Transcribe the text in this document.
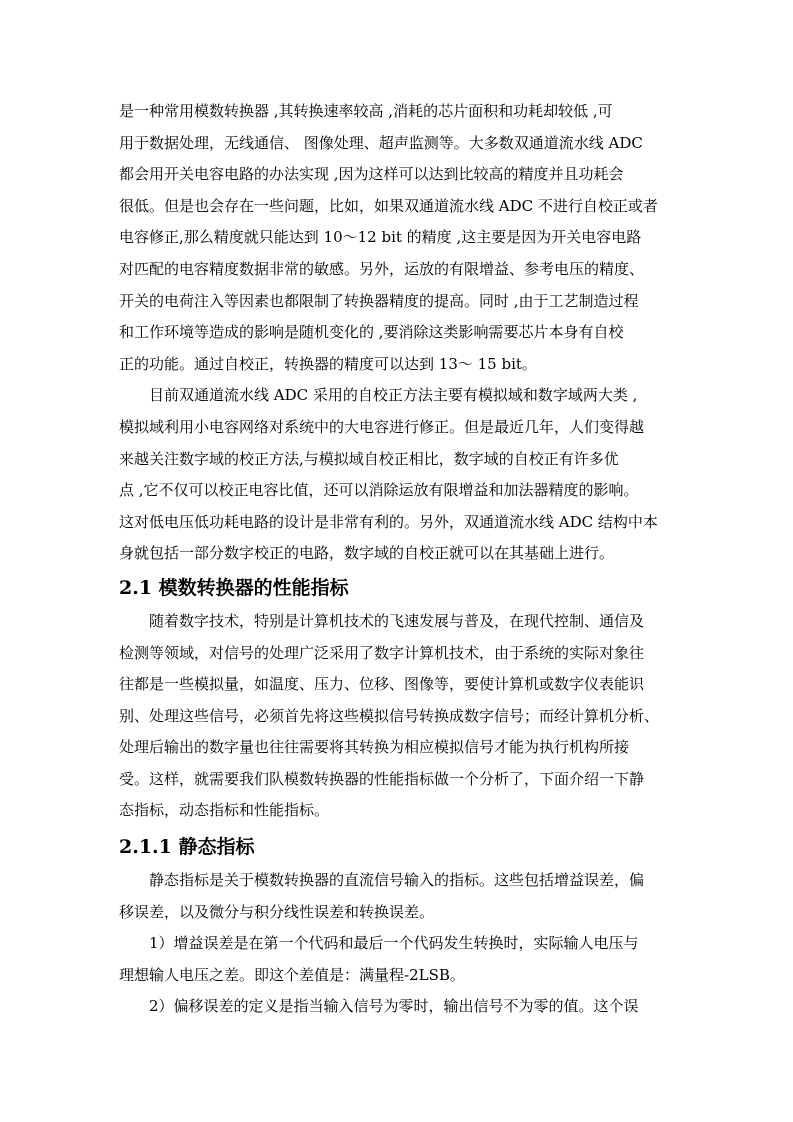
是一种常用模数转换器 ,其转换速率较高 ,消耗的芯片面积和功耗却较低 ,可
用于数据处理，无线通信、 图像处理、超声监测等。大多数双通道流水线 ADC
都会用开关电容电路的办法实现 ,因为这样可以达到比较高的精度并且功耗会
很低。但是也会存在一些问题，比如，如果双通道流水线 ADC 不进行自校正或者
电容修正,那么精度就只能达到 10～12 bit 的精度 ,这主要是因为开关电容电路
对匹配的电容精度数据非常的敏感。另外，运放的有限增益、参考电压的精度、
开关的电荷注入等因素也都限制了转换器精度的提高。同时 ,由于工艺制造过程
和工作环境等造成的影响是随机变化的 ,要消除这类影响需要芯片本身有自校
正的功能。通过自校正，转换器的精度可以达到 13～ 15 bit。
目前双通道流水线 ADC 采用的自校正方法主要有模拟域和数字域两大类 ,
模拟域利用小电容网络对系统中的大电容进行修正。但是最近几年，人们变得越
来越关注数字域的校正方法,与模拟域自校正相比，数字域的自校正有许多优
点 ,它不仅可以校正电容比值，还可以消除运放有限增益和加法器精度的影响。
这对低电压低功耗电路的设计是非常有利的。另外，双通道流水线 ADC 结构中本
身就包括一部分数字校正的电路，数字域的自校正就可以在其基础上进行。
2.1 模数转换器的性能指标
随着数字技术，特别是计算机技术的飞速发展与普及，在现代控制、通信及
检测等领域，对信号的处理广泛采用了数字计算机技术，由于系统的实际对象往
往都是一些模拟量，如温度、压力、位移、图像等，要使计算机或数字仪表能识
别、处理这些信号，必须首先将这些模拟信号转换成数字信号；而经计算机分析、
处理后输出的数字量也往往需要将其转换为相应模拟信号才能为执行机构所接
受。这样，就需要我们队模数转换器的性能指标做一个分析了，下面介绍一下静
态指标，动态指标和性能指标。
2.1.1 静态指标
静态指标是关于模数转换器的直流信号输入的指标。这些包括增益误差，偏
移误差，以及微分与积分线性误差和转换误差。
1）增益误差是在第一个代码和最后一个代码发生转换时，实际输人电压与
理想输人电压之差。即这个差值是：满量程-2LSB。
2）偏移误差的定义是指当输入信号为零时，输出信号不为零的值。这个误
